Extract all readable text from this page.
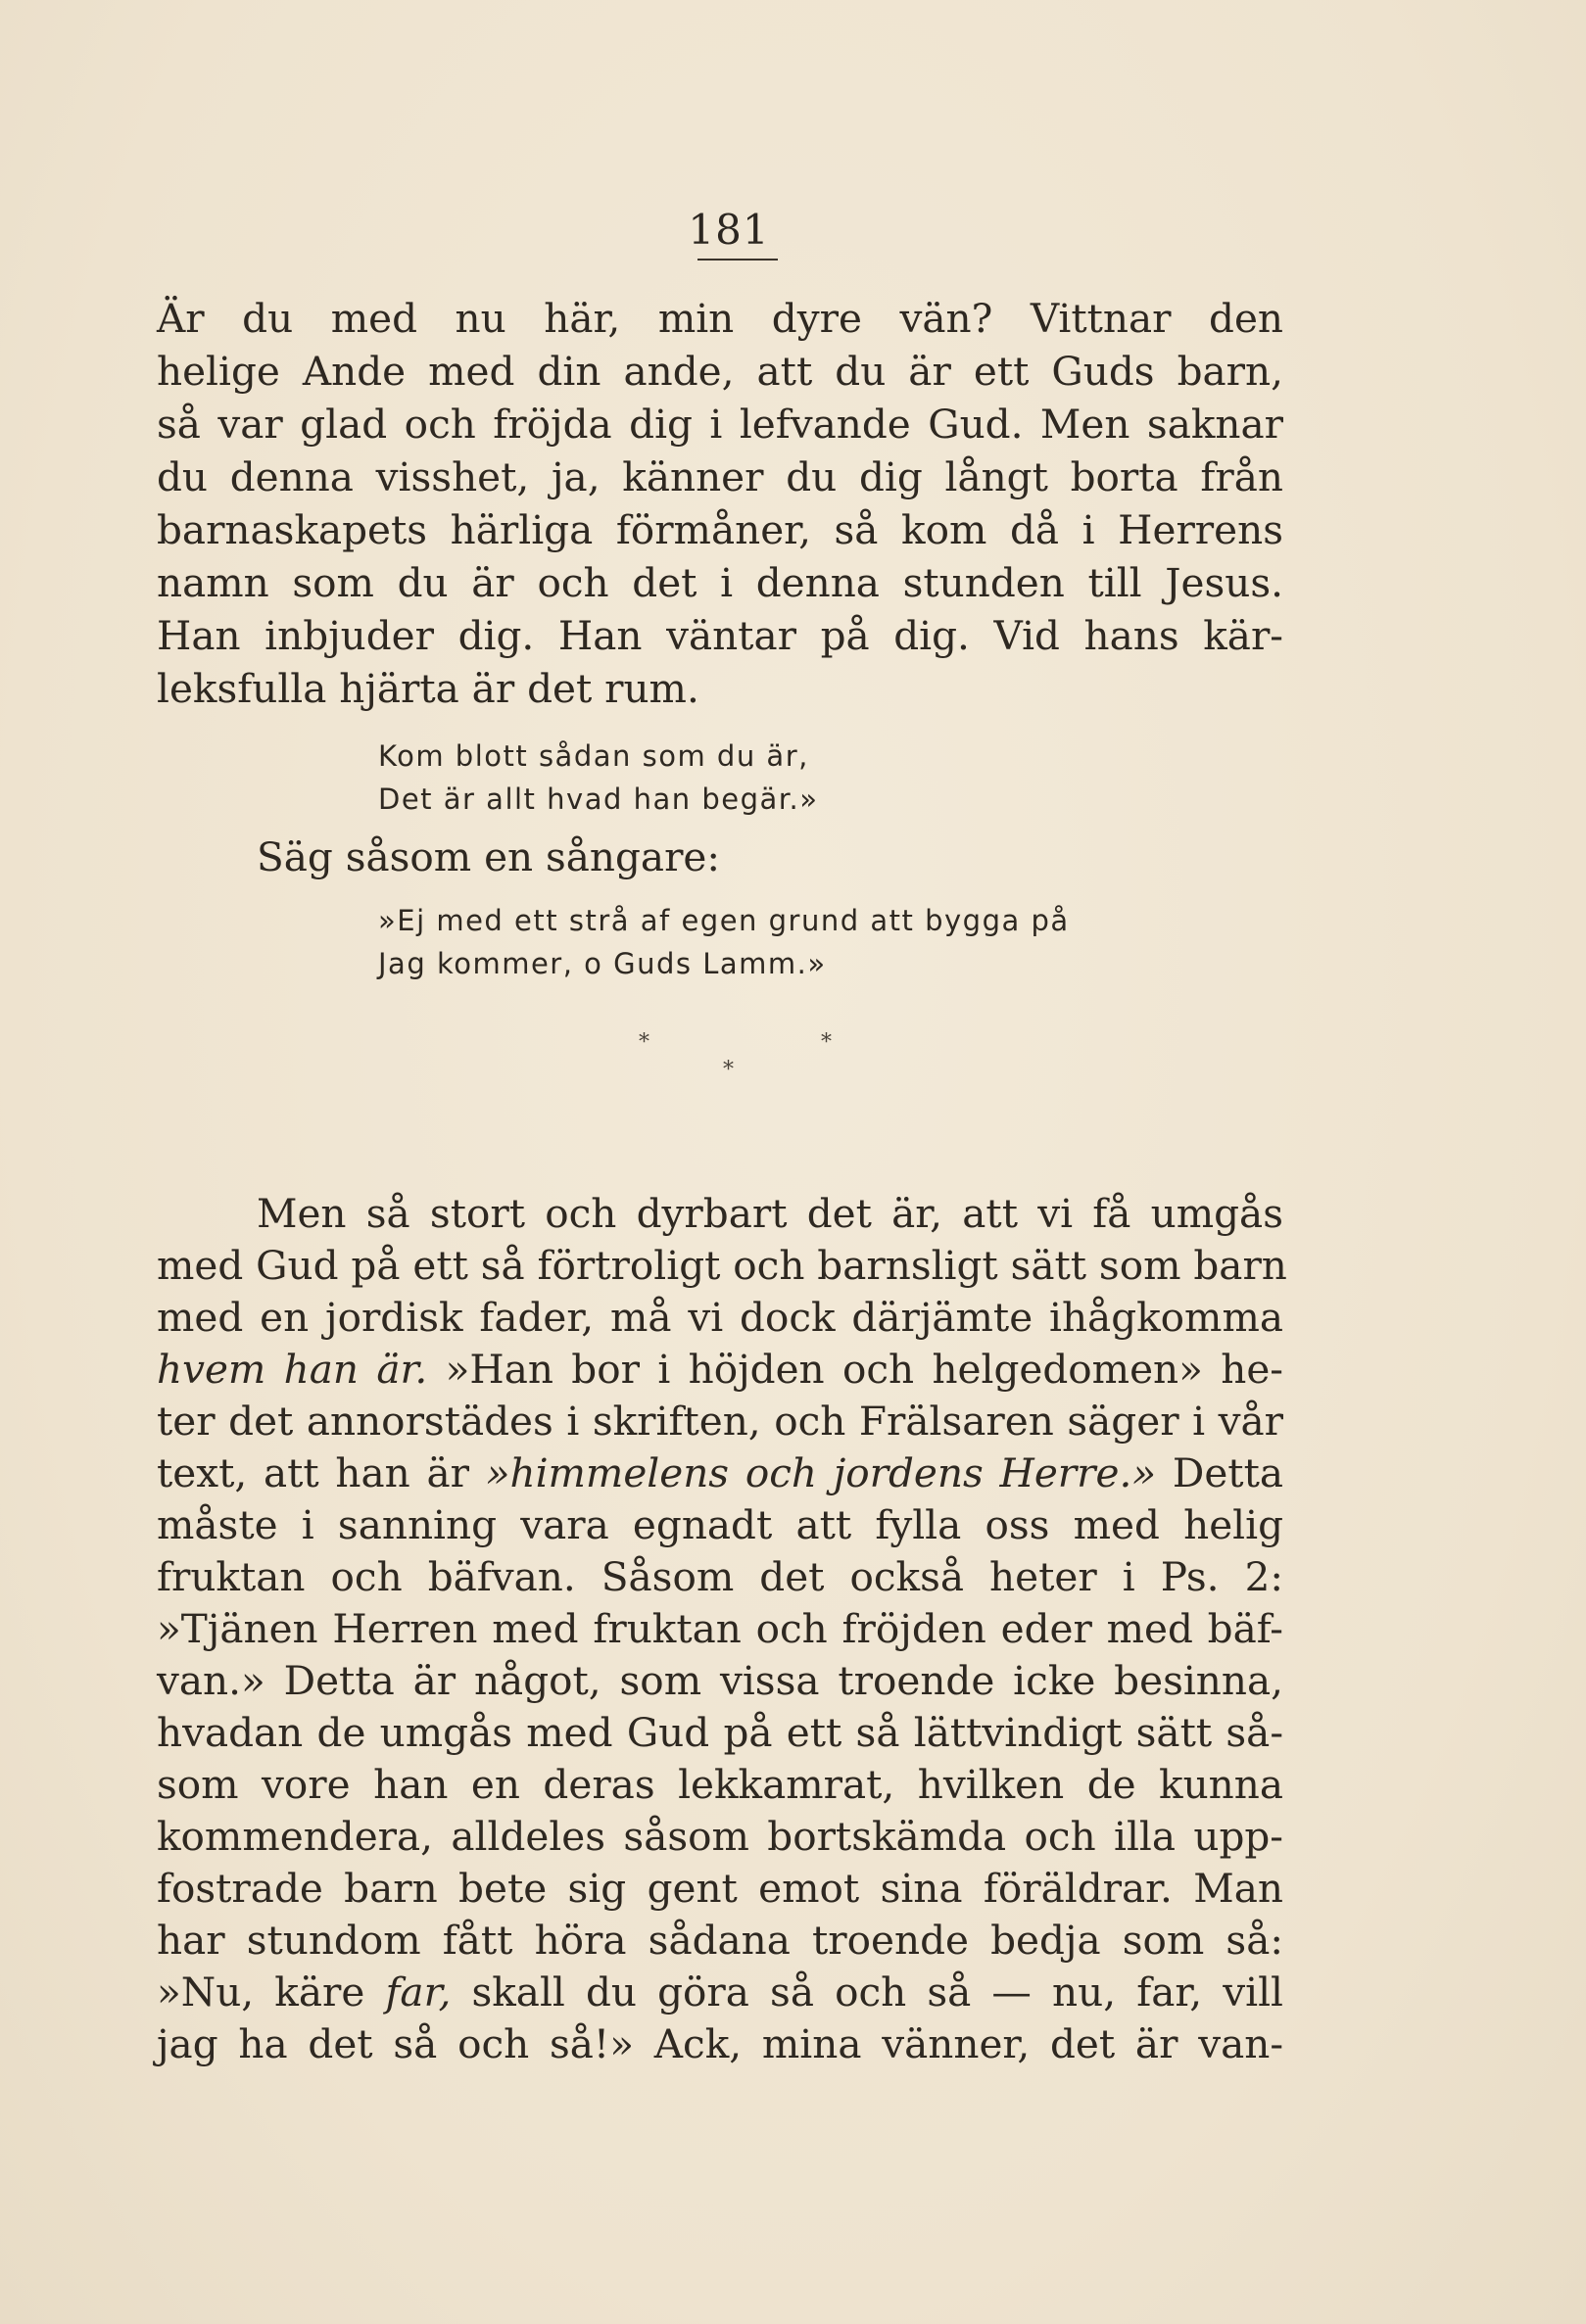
181
Är du med nu här, min dyre vän? Vittnar den
helige Ande med din ande, att du är ett Guds barn,
så var glad och fröjda dig i lefvande Gud. Men saknar
du denna visshet, ja, känner du dig långt borta från
barnaskapets härliga förmåner, så kom då i Herrens
namn som du är och det i denna stunden till Jesus.
Han inbjuder dig. Han väntar på dig. Vid hans kär-
leksfulla hjärta är det rum.
Kom blott sådan som du är,
Det är allt hvad han begär.»
Säg såsom en sångare:
»Ej med ett strå af egen grund att bygga på
Jag kommer, o Guds Lamm.»
*	*
*
Men så stort och dyrbart det är, att vi få umgås
med Gud på ett så förtroligt och barnsligt sätt som barn
med en jordisk fader, må vi dock därjämte ihågkomma
hvem han är. »Han bor i höjden och helgedomen» he-
ter det annorstädes i skriften, och Frälsaren säger i vår
text, att han är »himmelens och jordens Herre.» Detta
måste i sanning vara egnadt att fylla oss med helig
fruktan och bäfvan. Såsom det också heter i Ps. 2:
»Tjänen Herren med fruktan och fröjden eder med bäf-
van.» Detta är något, som vissa troende icke besinna,
hvadan de umgås med Gud på ett så lättvindigt sätt så-
som vore han en deras lekkamrat, hvilken de kunna
kommendera, alldeles såsom bortskämda och illa upp-
fostrade barn bete sig gent emot sina föräldrar. Man
har stundom fått höra sådana troende bedja som så:
»Nu, käre far, skall du göra så och så — nu, far, vill
jag ha det så och så!» Ack, mina vänner, det är van-
